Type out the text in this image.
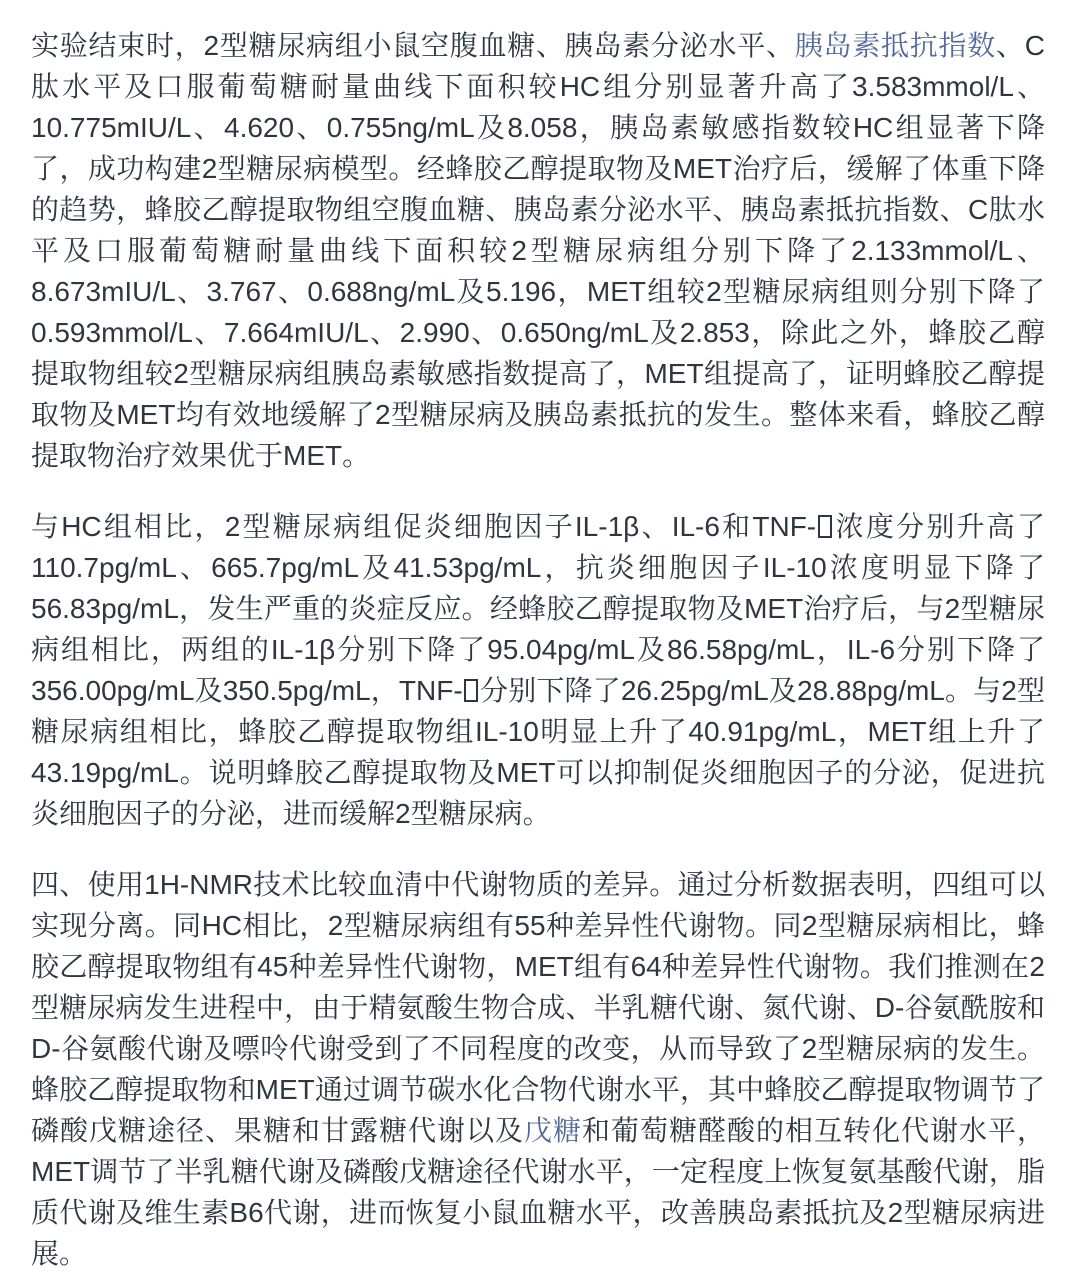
实验结束时，2型糖尿病组小鼠空腹血糖、胰岛素分泌水平、胰岛素抵抗指数、C肽水平及口服葡萄糖耐量曲线下面积较HC组分别显著升高了3.583mmol/L、10.775mIU/L、4.620、0.755ng/mL及8.058，胰岛素敏感指数较HC组显著下降了，成功构建2型糖尿病模型。经蜂胶乙醇提取物及MET治疗后，缓解了体重下降的趋势，蜂胶乙醇提取物组空腹血糖、胰岛素分泌水平、胰岛素抵抗指数、C肽水平及口服葡萄糖耐量曲线下面积较2型糖尿病组分别下降了2.133mmol/L、8.673mIU/L、3.767、0.688ng/mL及5.196，MET组较2型糖尿病组则分别下降了0.593mmol/L、7.664mIU/L、2.990、0.650ng/mL及2.853，除此之外，蜂胶乙醇提取物组较2型糖尿病组胰岛素敏感指数提高了，MET组提高了，证明蜂胶乙醇提取物及MET均有效地缓解了2型糖尿病及胰岛素抵抗的发生。整体来看，蜂胶乙醇提取物治疗效果优于MET。

与HC组相比，2型糖尿病组促炎细胞因子IL-1β、IL-6和TNF- 浓度分别升高了110.7pg/mL、665.7pg/mL及41.53pg/mL，抗炎细胞因子IL-10浓度明显下降了56.83pg/mL，发生严重的炎症反应。经蜂胶乙醇提取物及MET治疗后，与2型糖尿病组相比，两组的IL-1β分别下降了95.04pg/mL及86.58pg/mL，IL-6分别下降了356.00pg/mL及350.5pg/mL，TNF- 分别下降了26.25pg/mL及28.88pg/mL。与2型糖尿病组相比，蜂胶乙醇提取物组IL-10明显上升了40.91pg/mL，MET组上升了43.19pg/mL。说明蜂胶乙醇提取物及MET可以抑制促炎细胞因子的分泌，促进抗炎细胞因子的分泌，进而缓解2型糖尿病。

四、使用1H-NMR技术比较血清中代谢物质的差异。通过分析数据表明，四组可以实现分离。同HC相比，2型糖尿病组有55种差异性代谢物。同2型糖尿病相比，蜂胶乙醇提取物组有45种差异性代谢物，MET组有64种差异性代谢物。我们推测在2型糖尿病发生进程中，由于精氨酸生物合成、半乳糖代谢、氮代谢、D-谷氨酰胺和D-谷氨酸代谢及嘌呤代谢受到了不同程度的改变，从而导致了2型糖尿病的发生。蜂胶乙醇提取物和MET通过调节碳水化合物代谢水平，其中蜂胶乙醇提取物调节了磷酸戊糖途径、果糖和甘露糖代谢以及戊糖和葡萄糖醛酸的相互转化代谢水平，MET调节了半乳糖代谢及磷酸戊糖途径代谢水平，一定程度上恢复氨基酸代谢，脂质代谢及维生素B6代谢，进而恢复小鼠血糖水平，改善胰岛素抵抗及2型糖尿病进展。
